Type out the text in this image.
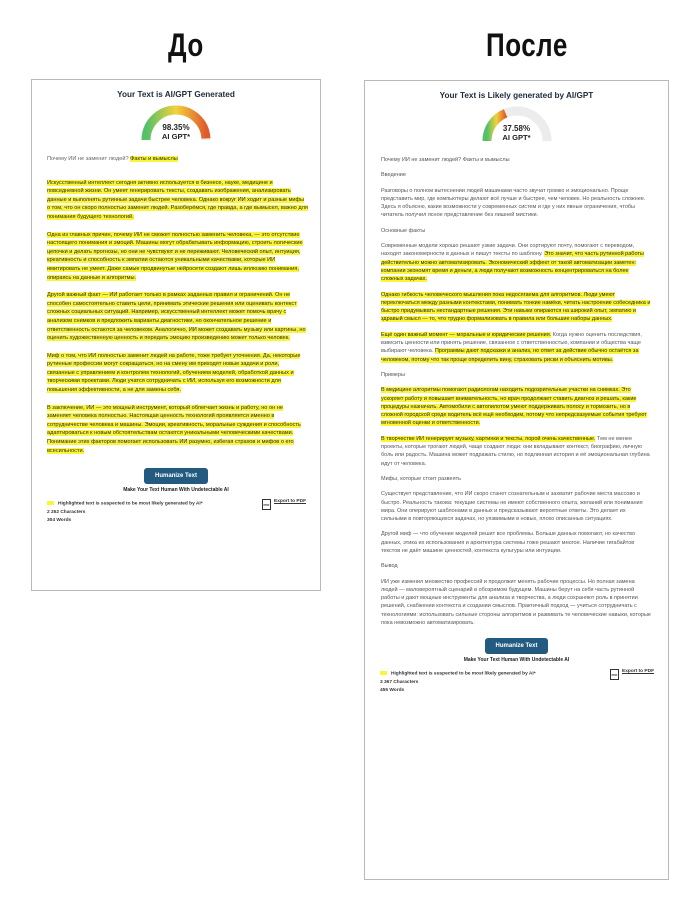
До	После
Your Text is AI/GPT Generated
98.35%
AI GPT*

Почему ИИ не заменит людей? Факты и вымыслы

Искусственный интеллект сегодня активно используется в бизнесе, науке, медицине и повседневной жизни. Он умеет генерировать тексты, создавать изображения, анализировать данные и выполнять рутинные задачи быстрее человека. Однако вокруг ИИ ходит и разные мифы о том, что он скоро полностью заменит людей. Разоберёмся, где правда, а где вымысел, важно для понимания будущего технологий.

Одна из главных причин, почему ИИ не сможет полностью заменить человека, — это отсутствие настоящего понимания и эмоций. Машины могут обрабатывать информацию, строить логические цепочки и делать прогнозы, но они не чувствуют и не переживают. Человеческий опыт, интуиция, креативность и способность к эмпатии остаются уникальными качествами, которые ИИ имитировать не умеет. Даже самые продвинутые нейросети создают лишь иллюзию понимания, опираясь на данные и алгоритмы.

Другой важный факт — ИИ работает только в рамках заданных правил и ограничений. Он не способен самостоятельно ставить цели, принимать этические решения или оценивать контекст сложных социальных ситуаций. Например, искусственный интеллект может помочь врачу с анализом снимков и предложить варианты диагностики, но окончательное решение и ответственность остаются за человеком. Аналогично, ИИ может создавать музыку или картины, но оценить художественную ценность и передать эмоцию произведению может только человек.

Миф о том, что ИИ полностью заменит людей на работе, тоже требует уточнения. Да, некоторые рутинные профессии могут сокращаться, но на смену им приходят новые задачи и роли, связанные с управлением и контролем технологий, обучением моделей, обработкой данных и творческими проектами. Люди учатся сотрудничать с ИИ, используя его возможности для повышения эффективности, а не для замены себя.

В заключение, ИИ — это мощный инструмент, который облегчает жизнь и работу, но он не заменяет человека полностью. Настоящая ценность технологий проявляется именно в сотрудничестве человека и машины. Эмоции, креативность, моральные суждения и способность адаптироваться к новым обстоятельствам остаются уникальными человеческими качествами. Понимание этих факторов помогает использовать ИИ разумно, избегая страхов и мифов о его всесильности.

Humanize Text
Make Your Text Human With Undetectable AI
Highlighted text is suspected to be most likely generated by AI*
2 252 Characters
304 Words
PDFExport to PDF
Your Text is Likely generated by AI/GPT
37.58%
AI GPT*

Почему ИИ не заменит людей? Факты и вымыслы

Введение

Разговоры о полном вытеснении людей машинами часто звучат громко и эмоционально. Проще представить мир, где компьютеры делают всё лучше и быстрее, чем человек. Но реальность сложнее. Здесь я объясню, какие возможности у современных систем и где у них явные ограничения, чтобы читатель получил ясное представление без лишней мистики.

Основные факты

Современные модели хорошо решают узкие задачи. Они сортируют почту, помогают с переводом, находят закономерности в данных и пишут тексты по шаблону. Это значит, что часть рутинной работы действительно можно автоматизировать. Экономический эффект от такой автоматизации заметен: компании экономят время и деньги, а люди получают возможность концентрироваться на более сложных задачах.

Однако гибкость человеческого мышления пока недосягаема для алгоритмов. Люди умеют переключаться между разными контекстами, понимать тонкие намёки, читать настроение собеседника и быстро придумывать нестандартные решения. Эти навыки опираются на широкий опыт, эмпатию и здравый смысл — то, что трудно формализовать в правила или большие наборы данных.

Ещё один важный момент — моральные и юридические решения. Когда нужно оценить последствия, взвесить ценности или принять решение, связанное с ответственностью, компании и общества чаще выбирают человека. Программы дают подсказки и анализ, но ответ за действие обычно остаётся за человеком, потому что так проще определить вину, страховать риски и объяснить мотивы.

Примеры

В медицине алгоритмы помогают радиологам находить подозрительные участки на снимках. Это ускоряет работу и повышает внимательность, но врач продолжает ставить диагноз и решать, какие процедуры назначать. Автомобили с автопилотом умеют поддерживать полосу и тормозить, но в сложной городской среде водитель всё ещё необходим, потому что непредсказуемые события требуют мгновенной оценки и ответственности.

В творчестве ИИ генерирует музыку, картинки и тексты, порой очень качественные. Тем не менее проекты, которые трогают людей, чаще создают люди: они вкладывают контекст, биографию, личную боль или радость. Машина может подражать стилю, но подлинная история и её эмоциональная глубина идут от человека.

Мифы, которые стоит развеять

Существует представление, что ИИ скоро станет сознательным и захватит рабочие места массово и быстро. Реальность такова: текущие системы не имеют собственного опыта, желаний или понимания мира. Они оперируют шаблонами в данных и предсказывают вероятные ответы. Это делает их сильными в повторяющихся задачах, но уязвимыми в новых, плохо описанных ситуациях.

Другой миф — что обучение моделей решит все проблемы. Больше данных помогают, но качество данных, этика их использования и архитектура системы тоже решают многое. Наличие гигабайтов текстов не даёт машине ценностей, контекста культуры или интуиции.

Вывод

ИИ уже изменил множество профессий и продолжит менять рабочие процессы. Но полная замена людей — маловероятный сценарий в обозримом будущем. Машины берут на себя часть рутинной работы и дают мощные инструменты для анализа и творчества, а люди сохраняют роль в принятии решений, снабжении контекста и создании смыслов. Практичный подход — учиться сотрудничать с технологиями: использовать сильные стороны алгоритмов и развивать те человеческие навыки, которые пока невозможно автоматизировать.

Humanize Text
Make Your Text Human With Undetectable AI
Highlighted text is suspected to be most likely generated by AI*
3 367 Characters
455 Words
PDFExport to PDF
